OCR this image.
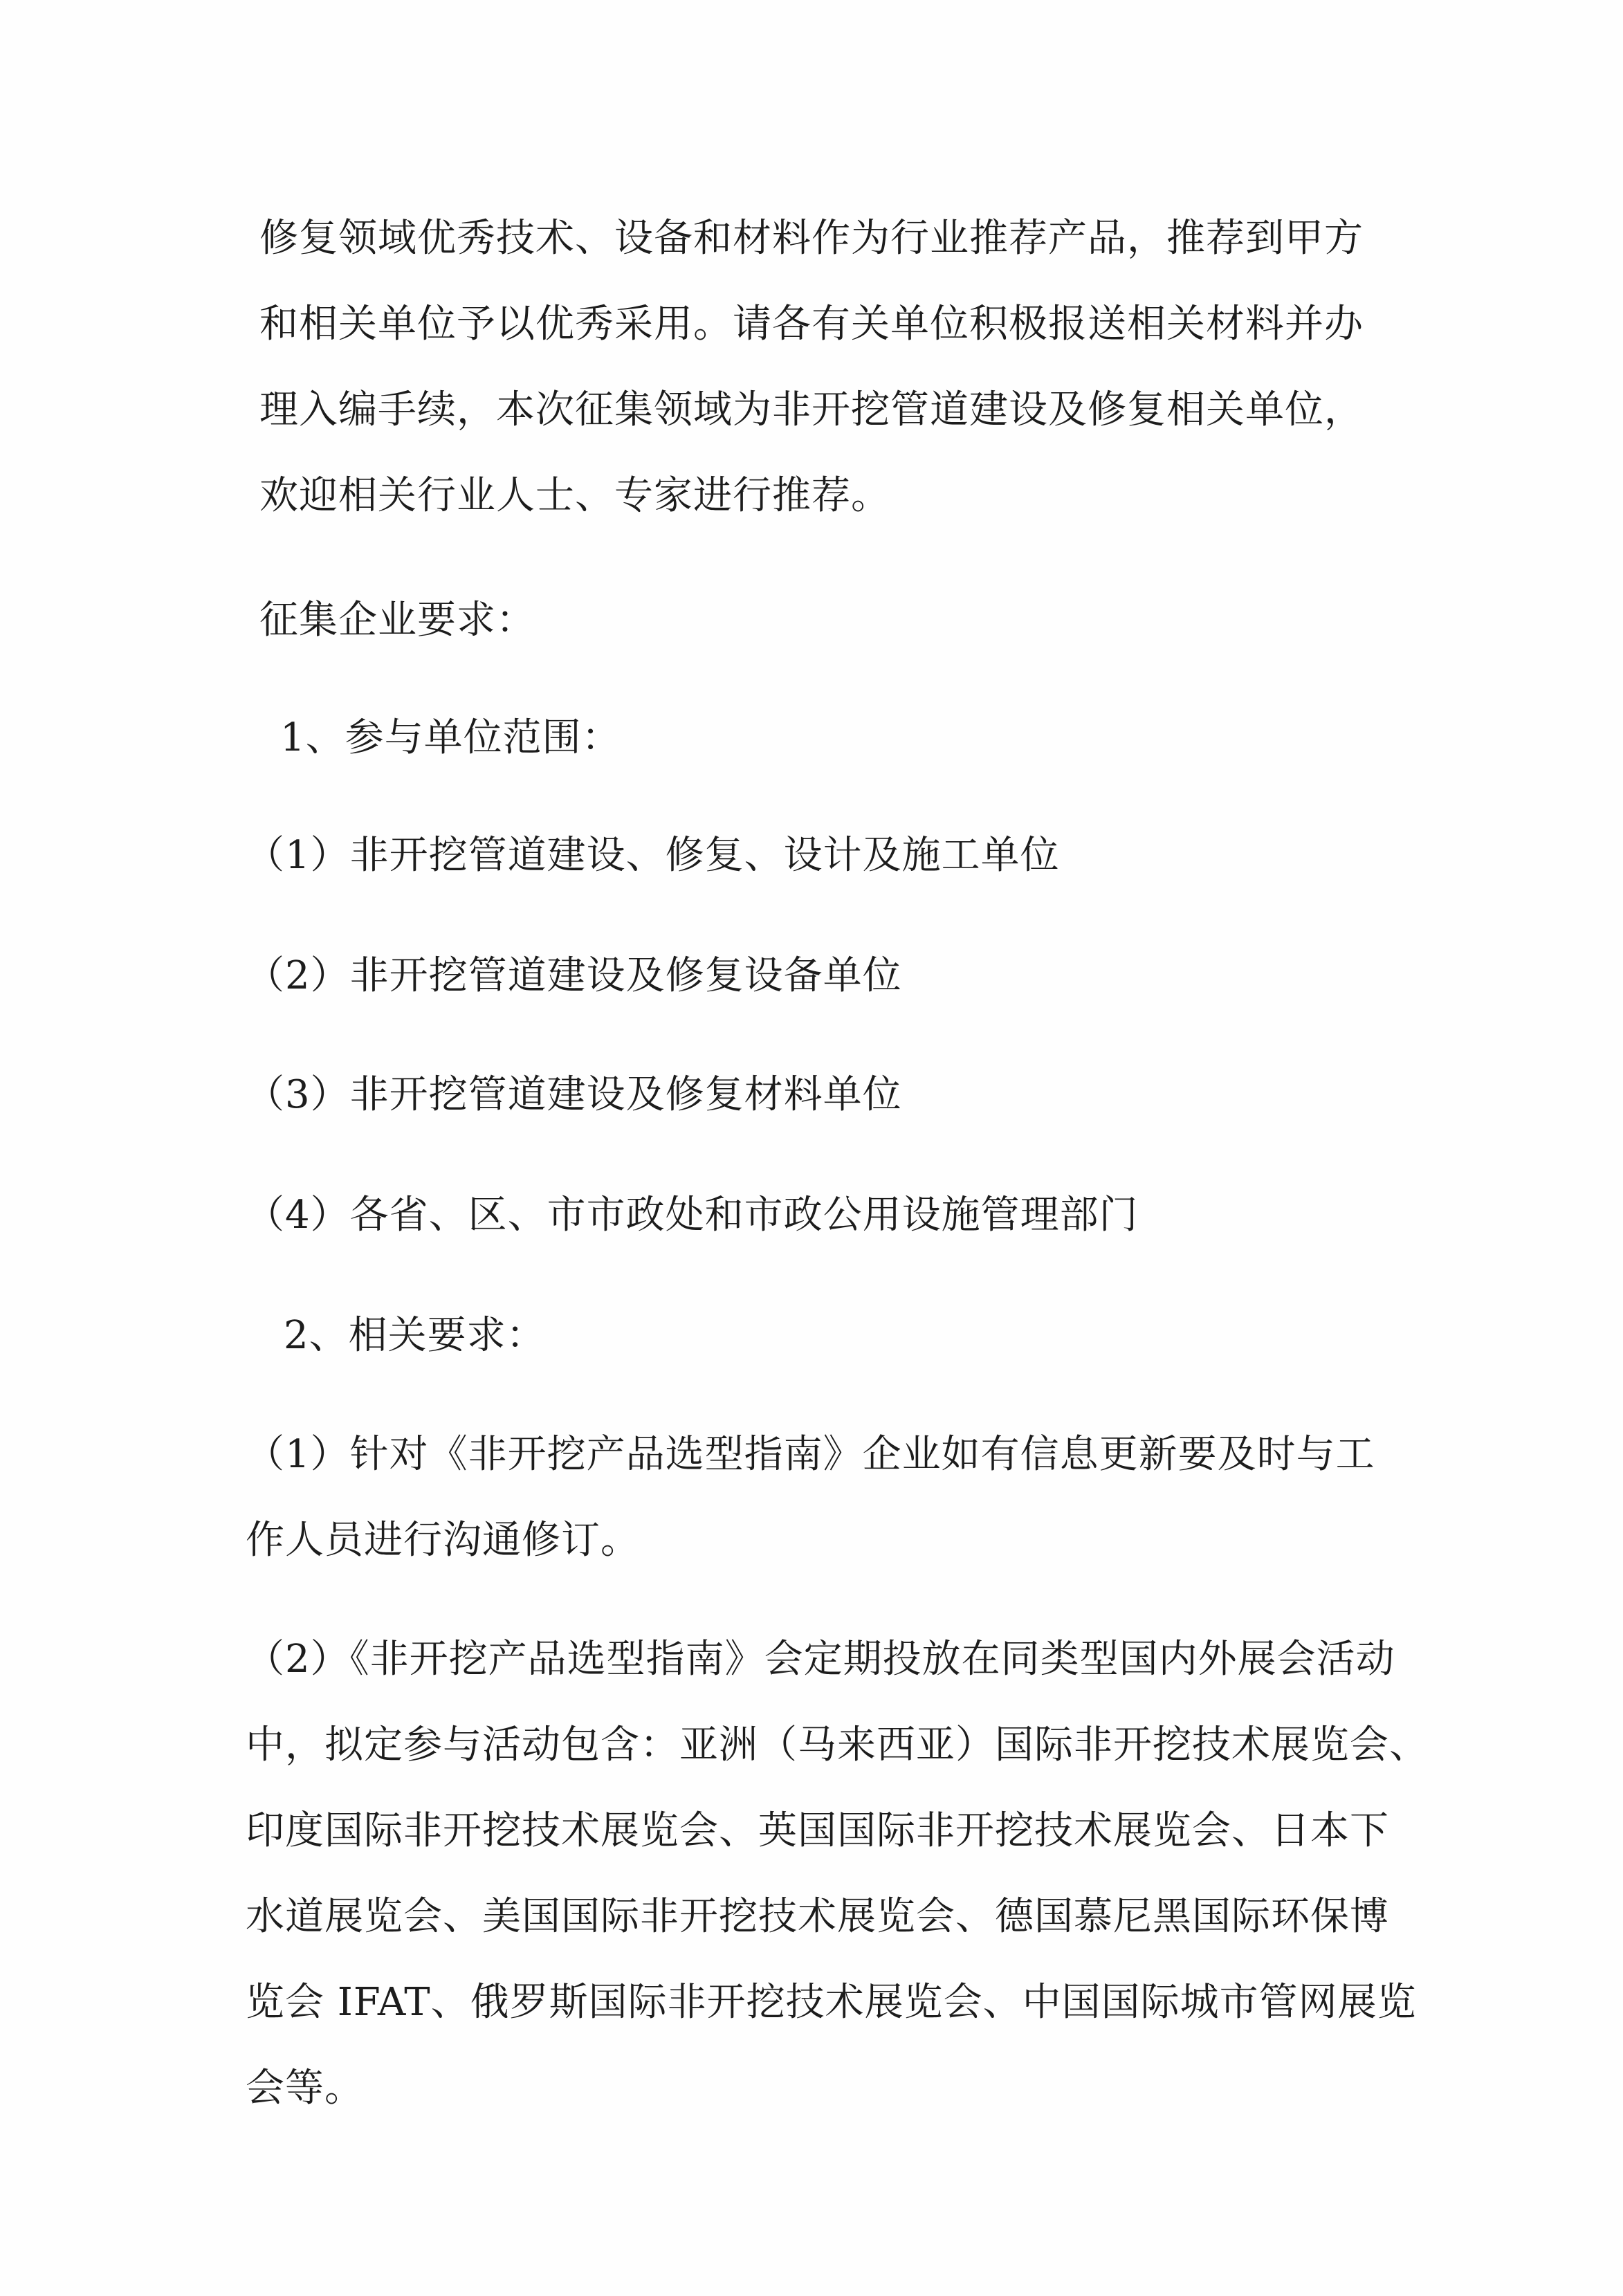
修复领域优秀技术、设备和材料作为行业推荐产品，推荐到甲方
和相关单位予以优秀采用。请各有关单位积极报送相关材料并办
理入编手续，本次征集领域为非开挖管道建设及修复相关单位，
欢迎相关行业人士、专家进行推荐。
征集企业要求：
1、参与单位范围：
（1）非开挖管道建设、修复、设计及施工单位
（2）非开挖管道建设及修复设备单位
（3）非开挖管道建设及修复材料单位
（4）各省、区、市市政处和市政公用设施管理部门
2、相关要求：
（1）针对《非开挖产品选型指南》企业如有信息更新要及时与工
作人员进行沟通修订。
（2）《非开挖产品选型指南》会定期投放在同类型国内外展会活动
中，拟定参与活动包含：亚洲（马来西亚）国际非开挖技术展览会、
印度国际非开挖技术展览会、英国国际非开挖技术展览会、日本下
水道展览会、美国国际非开挖技术展览会、德国慕尼黑国际环保博
览会 IFAT、俄罗斯国际非开挖技术展览会、中国国际城市管网展览
会等。
